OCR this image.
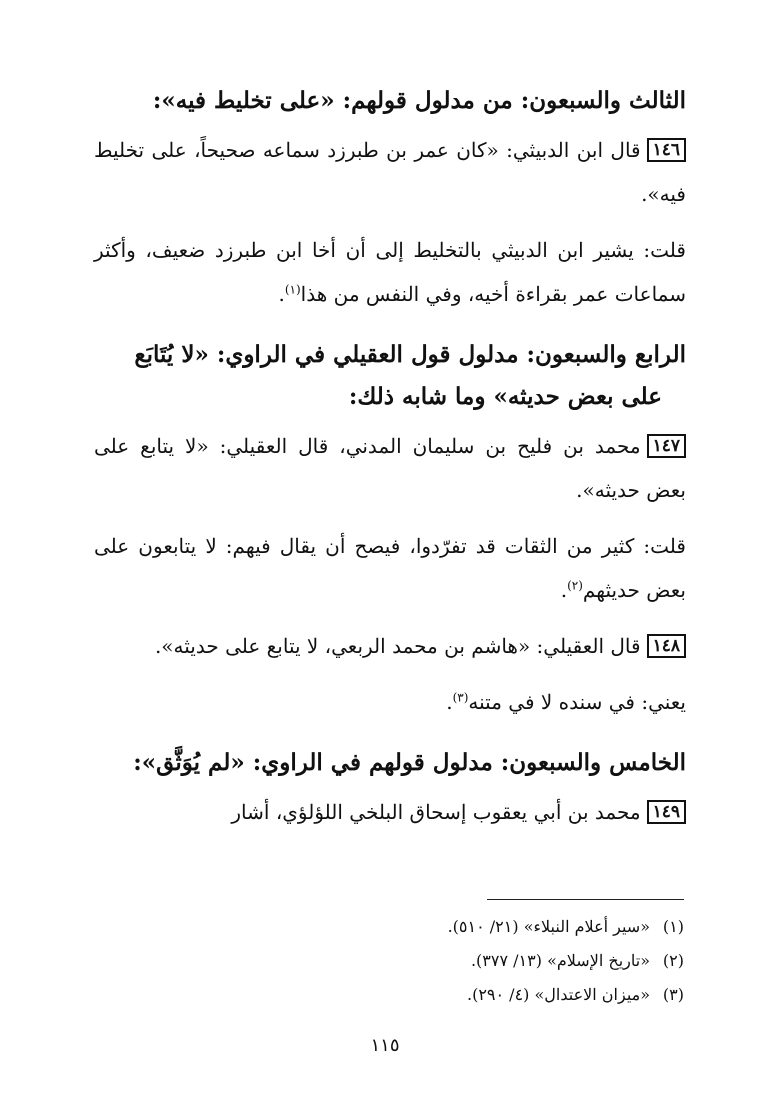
الثالث والسبعون: من مدلول قولهم: «على تخليط فيه»:

١٤٦قال ابن الدبيثي: «كان عمر بن طبرزد سماعه صحيحاً، على تخليط فيه».

قلت: يشير ابن الدبيثي بالتخليط إلى أن أخا ابن طبرزد ضعيف، وأكثر سماعات عمر بقراءة أخيه، وفي النفس من هذا$^{(١)}$.

الرابع والسبعون: مدلول قول العقيلي في الراوي: «لا يُتَابَع
على بعض حديثه» وما شابه ذلك:

١٤٧محمد بن فليح بن سليمان المدني، قال العقيلي: «لا يتابع على بعض حديثه».

قلت: كثير من الثقات قد تفرّدوا، فيصح أن يقال فيهم: لا يتابعون على بعض حديثهم$^{(٢)}$.

١٤٨قال العقيلي: «هاشم بن محمد الربعي، لا يتابع على حديثه».

يعني: في سنده لا في متنه$^{(٣)}$.

الخامس والسبعون: مدلول قولهم في الراوي: «لم يُوَثَّق»:

١٤٩محمد بن أبي يعقوب إسحاق البلخي اللؤلؤي، أشار

(١)«سير أعلام النبلاء» (٢١/ ٥١٠).
(٢)«تاريخ الإسلام» (١٣/ ٣٧٧).
(٣)«ميزان الاعتدال» (٤/ ٢٩٠).
١١٥
